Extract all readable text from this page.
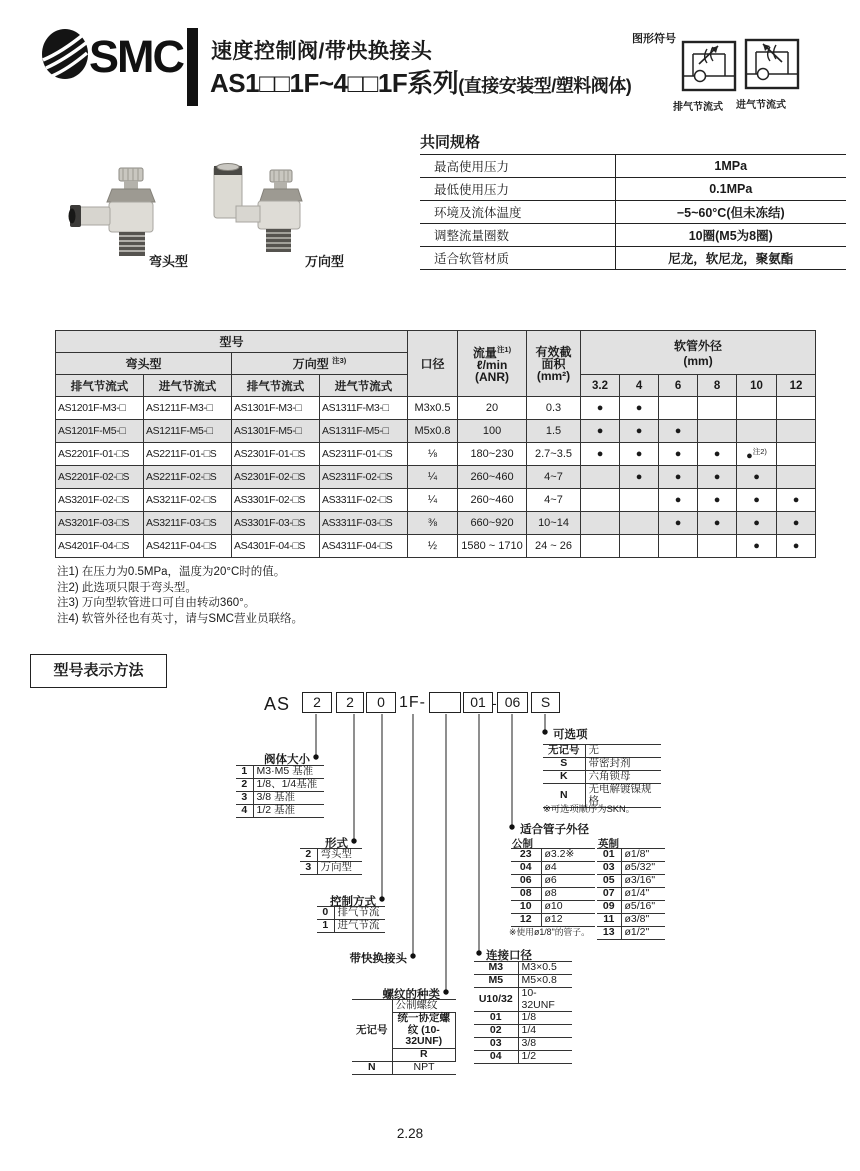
SMC 速度控制阀/带快换接头
AS1□□1F~4□□1F系列(直接安装型/塑料阀体)
图形符号
排气节流式 进气节流式
弯头型	万向型
共同规格
最高使用压力	1MPa
最低使用压力	0.1MPa
环境及流体温度	−5~60°C(但未冻结)
调整流量圈数	10圈(M5为8圈)
适合软管材质	尼龙，软尼龙，聚氨酯
型号	口径	
流量$^{注1)}$
ℓ/min
(ANR)

有效截
面积
(mm²)

软管外径
(mm)

弯头型		万向型 $^{注3)}$
排气节流式	进气节流式	排气节流式	进气节流式				3.2	4	6	8	10	12
AS1201F-M3-□	AS1211F-M3-□	AS1301F-M3-□	AS1311F-M3-□	M3x0.5	20	0.3	●	●				
AS1201F-M5-□	AS1211F-M5-□	AS1301F-M5-□	AS1311F-M5-□	M5x0.8	100	1.5	●	●	●			
AS2201F-01-□S	AS2211F-01-□S	AS2301F-01-□S	AS2311F-01-□S	⅛	180~230	2.7~3.5	●	●	●	●	●$^{注2)}$	
AS2201F-02-□S	AS2211F-02-□S	AS2301F-02-□S	AS2311F-02-□S	¼	260~460	4~7		●	●	●	●	
AS3201F-02-□S	AS3211F-02-□S	AS3301F-02-□S	AS3311F-02-□S	¼	260~460	4~7			●	●	●	●
AS3201F-03-□S	AS3211F-03-□S	AS3301F-03-□S	AS3311F-03-□S	⅜	660~920	10~14			●	●	●	●
AS4201F-04-□S	AS4211F-04-□S	AS4301F-04-□S	AS4311F-04-□S	½	1580 ~ 1710	24 ~ 26					●	●
注1) 在压力为0.5MPa，温度为20°C时的值。
注2) 此选项只限于弯头型。
注3) 万向型软管进口可自由转动360°。
注4) 软管外径也有英寸，请与SMC营业员联络。
型号表示方法
AS	2	2	0 1F-	01 - 06	S
阀体大小
1	M3·M5 基准
2	1/8、1/4基准
3	3/8 基准
4	1/2 基准
形式
2	弯头型
3	万向型
控制方式
0	排气节流
1	进气节流
带快换接头
螺纹的种类
无记号	公制螺纹
	统一协定螺纹 (10-32UNF)
	R
N	NPT
可选项
无记号	无
S	带密封剂
K	六角锁母
N	无电解镀镍规格
※可选项顺序为SKN。
适合管子外径
公制
23	ø3.2※
04	ø4
06	ø6
08	ø8
10	ø10
12	ø12
※使用ø1/8"的管子。
英制
01	ø1/8"
03	ø5/32"
05	ø3/16"
07	ø1/4"
09	ø5/16"
11	ø3/8"
13	ø1/2"
连接口径
M3	M3×0.5
M5	M5×0.8
U10/32	10-32UNF
01	1/8
02	1/4
03	3/8
04	1/2
2.28
